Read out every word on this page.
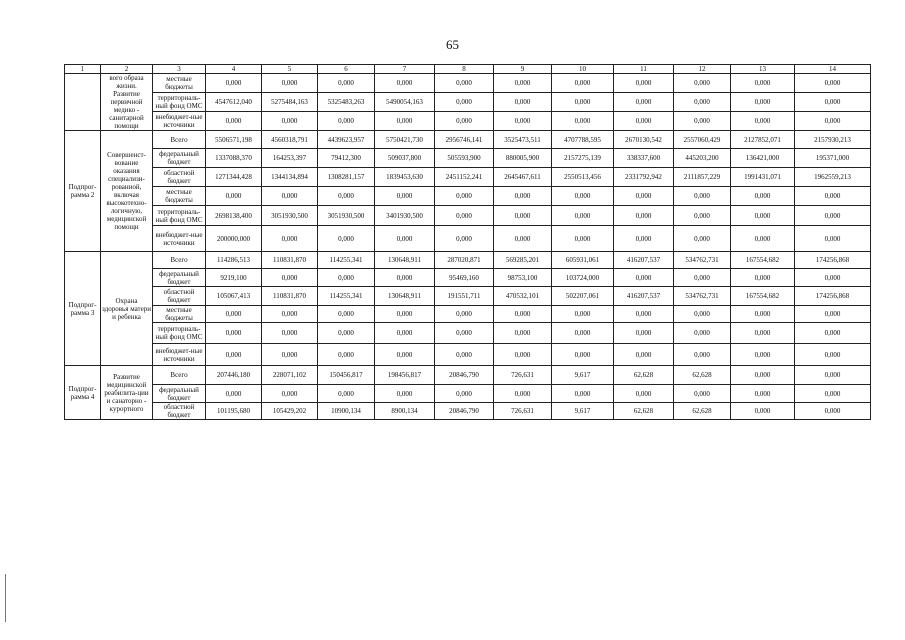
65
1	2	3	4	5	6	7	8	9	10	11	12	13	14
	вого образа жизни. Развитие первичной медико - санитарной помощи	местные бюджеты	0,000	0,000	0,000	0,000	0,000	0,000	0,000	0,000	0,000	0,000	0,000
		территориаль-ный фонд ОМС	4547612,040	5275484,163	5325483,263	5490054,163	0,000	0,000	0,000	0,000	0,000	0,000	0,000
		внебюджет-ные источники	0,000	0,000	0,000	0,000	0,000	0,000	0,000	0,000	0,000	0,000	0,000
Подпрог-рамма 2	Совершенст-вование оказания специализи-рованной, включая высокотехно-логичную, медицинской помощи	Всего	5506571,198	4560318,791	4439623,957	5750421,730	2956746,141	3525473,511	4707788,595	2670130,542	2557060,429	2127852,071	2157930,213
		федеральный бюджет	1337088,370	164253,397	79412,300	509037,800	505593,900	880005,900	2157275,139	338337,600	445203,200	136421,000	195371,000
		областной бюджет	1271344,428	1344134,894	1308281,157	1839453,630	2451152,241	2645467,611	2550513,456	2331792,942	2111857,229	1991431,071	1962559,213
		местные бюджеты	0,000	0,000	0,000	0,000	0,000	0,000	0,000	0,000	0,000	0,000	0,000
		территориаль-ный фонд ОМС	2698138,400	3051930,500	3051930,500	3401930,500	0,000	0,000	0,000	0,000	0,000	0,000	0,000
		внебюджет-ные источники	200000,000	0,000	0,000	0,000	0,000	0,000	0,000	0,000	0,000	0,000	0,000
Подпрог-рамма 3	Охрана здоровья матери и ребенка	Всего	114286,513	110831,870	114255,341	130648,911	287020,871	569285,201	605931,061	416207,537	534762,731	167554,682	174256,868
		федеральный бюджет	9219,100	0,000	0,000	0,000	95469,160	98753,100	103724,000	0,000	0,000	0,000	0,000
		областной бюджет	105067,413	110831,870	114255,341	130648,911	191551,711	470532,101	502207,061	416207,537	534762,731	167554,682	174256,868
		местные бюджеты	0,000	0,000	0,000	0,000	0,000	0,000	0,000	0,000	0,000	0,000	0,000
		территориаль-ный фонд ОМС	0,000	0,000	0,000	0,000	0,000	0,000	0,000	0,000	0,000	0,000	0,000
		внебюджет-ные источники	0,000	0,000	0,000	0,000	0,000	0,000	0,000	0,000	0,000	0,000	0,000
Подпрог-рамма 4	Развитие медицинской реабилита-ции и санаторно - курортного	Всего	207446,180	228071,102	150456,817	198456,817	20846,790	726,631	9,617	62,628	62,628	0,000	0,000
		федеральный бюджет	0,000	0,000	0,000	0,000	0,000	0,000	0,000	0,000	0,000	0,000	0,000
		областной бюджет	101195,680	105429,202	10900,134	8900,134	20846,790	726,631	9,617	62,628	62,628	0,000	0,000
